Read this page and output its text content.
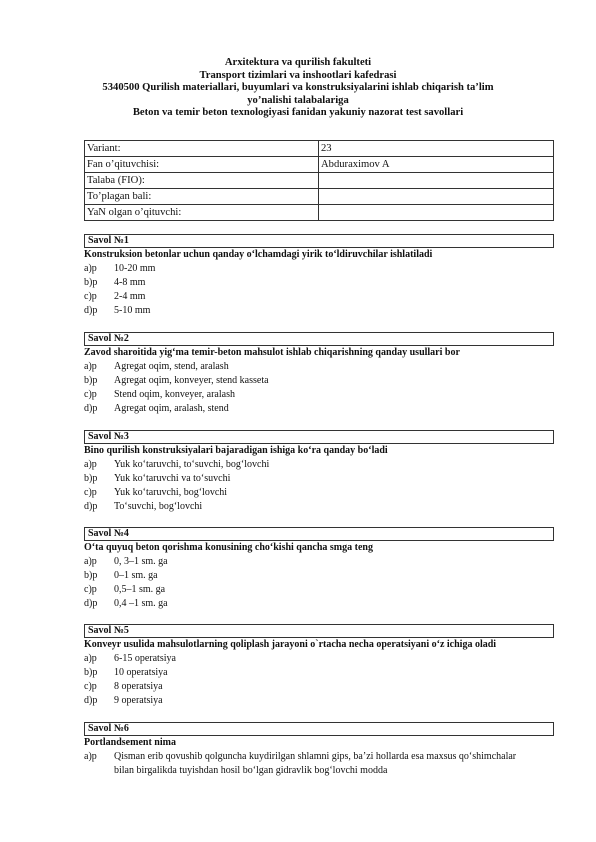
Arxitektura va qurilish fakulteti
Transport tizimlari va inshootlari kafedrasi
5340500 Qurilish materiallari, buyumlari va konstruksiyalarini ishlab chiqarish ta’lim
yo’nalishi talabalariga
Beton va temir beton texnologiyasi fanidan yakuniy nazorat test savollari
Variant:	23
Fan o’qituvchisi:	Abduraximov A
Talaba (FIO):	
To’plagan bali:	
YaN olgan o’qituvchi:	
Savol №1
Konstruksion betonlar uchun qanday o‘lchamdagi yirik to‘ldiruvchilar ishlatiladi
a)p 10-20 mm
b)p 4-8 mm
c)p 2-4 mm
d)p 5-10 mm
Savol №2
Zavod sharoitida yig‘ma temir-beton mahsulot ishlab chiqarishning qanday usullari bor
a)p Agregat oqim, stend, aralash
b)p Agregat oqim, konveyer, stend kasseta
c)p Stend oqim, konveyer, aralash
d)p Agregat oqim, aralash, stend
Savol №3
Bino qurilish konstruksiyalari bajaradigan ishiga ko‘ra qanday bo‘ladi
a)p Yuk ko‘taruvchi, to‘suvchi, bog‘lovchi
b)p Yuk ko‘taruvchi va to‘suvchi
c)p Yuk ko‘taruvchi, bog‘lovchi
d)p To‘suvchi, bog‘lovchi
Savol №4
O‘ta quyuq beton qorishma konusining cho‘kishi qancha smga teng
a)p 0, 3–1 sm. ga
b)p 0–1 sm. ga
c)p 0,5–1 sm. ga
d)p 0,4 –1 sm. ga
Savol №5
Konveyr usulida mahsulotlarning qoliplash jarayoni o`rtacha necha operatsiyani o‘z ichiga oladi
a)p 6-15 operatsiya
b)p 10 operatsiya
c)p 8 operatsiya
d)p 9 operatsiya
Savol №6
Portlandsement nima
a)p Qisman erib qovushib qolguncha kuydirilgan shlamni gips, ba’zi hollarda esa maxsus qo‘shimchalar bilan birgalikda tuyishdan hosil bo‘lgan gidravlik bog‘lovchi modda
